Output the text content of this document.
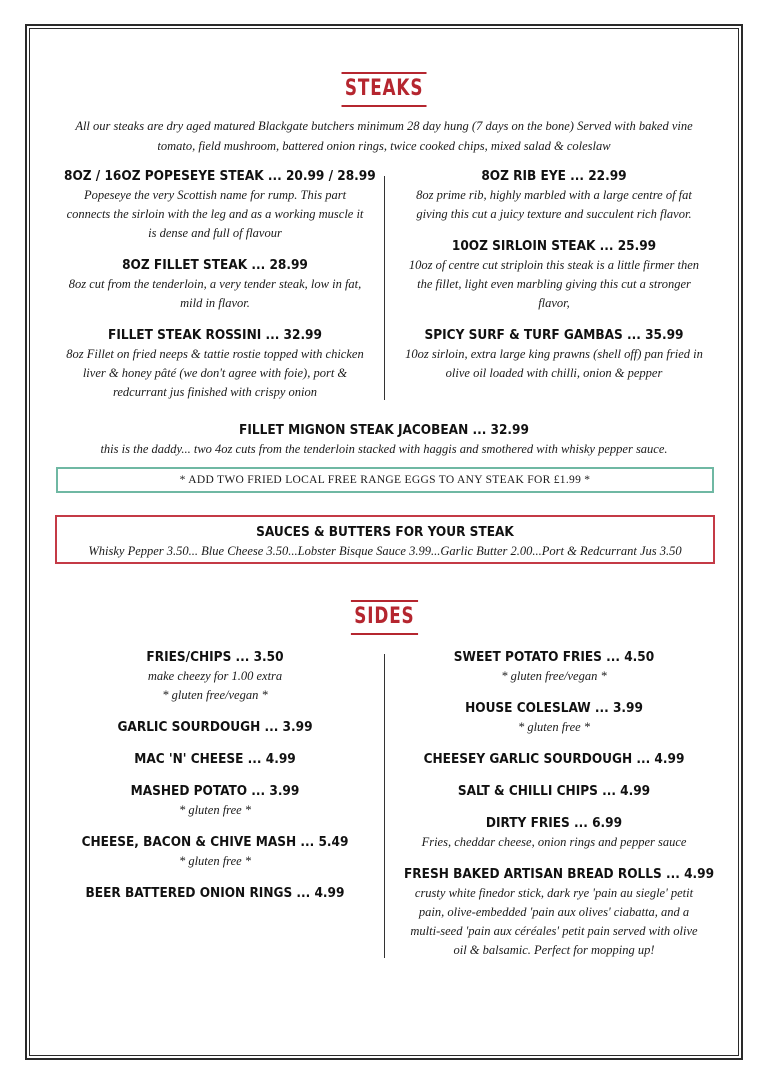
STEAKS
All our steaks are dry aged matured Blackgate butchers minimum 28 day hung (7 days on the bone) Served with baked vine tomato, field mushroom, battered onion rings, twice cooked chips, mixed salad & coleslaw
8OZ / 16OZ POPESEYE STEAK ... 20.99 / 28.99
Popeseye the very Scottish name for rump. This part connects the sirloin with the leg and as a working muscle it is dense and full of flavour
8OZ FILLET STEAK ... 28.99
8oz cut from the tenderloin, a very tender steak, low in fat, mild in flavor.
FILLET STEAK ROSSINI ... 32.99
8oz Fillet on fried neeps & tattie rostie topped with chicken liver & honey pâté (we don't agree with foie), port & redcurrant jus finished with crispy onion
8OZ RIB EYE ... 22.99
8oz prime rib, highly marbled with a large centre of fat giving this cut a juicy texture and succulent rich flavor.
10OZ SIRLOIN STEAK ... 25.99
10oz of centre cut striploin this steak is a little firmer then the fillet, light even marbling giving this cut a stronger flavor,
SPICY SURF & TURF GAMBAS ... 35.99
10oz sirloin, extra large king prawns (shell off) pan fried in olive oil loaded with chilli, onion & pepper
FILLET MIGNON STEAK JACOBEAN ... 32.99
this is the daddy... two 4oz cuts from the tenderloin stacked with haggis and smothered with whisky pepper sauce.
* ADD TWO FRIED LOCAL FREE RANGE EGGS TO ANY STEAK FOR £1.99 *
SAUCES & BUTTERS FOR YOUR STEAK
Whisky Pepper 3.50... Blue Cheese 3.50...Lobster Bisque Sauce 3.99...Garlic Butter 2.00...Port & Redcurrant Jus 3.50
SIDES
FRIES/CHIPS ... 3.50
make cheezy for 1.00 extra
* gluten free/vegan *
GARLIC SOURDOUGH ... 3.99
MAC 'N' CHEESE ... 4.99
MASHED POTATO ... 3.99
* gluten free *
CHEESE, BACON & CHIVE MASH ... 5.49
* gluten free *
BEER BATTERED ONION RINGS ... 4.99
SWEET POTATO FRIES ... 4.50
* gluten free/vegan *
HOUSE COLESLAW ... 3.99
* gluten free *
CHEESEY GARLIC SOURDOUGH ... 4.99
SALT & CHILLI CHIPS ... 4.99
DIRTY FRIES ... 6.99
Fries, cheddar cheese, onion rings and pepper sauce
FRESH BAKED ARTISAN BREAD ROLLS ... 4.99
crusty white finedor stick, dark rye 'pain au siegle' petit pain, olive-embedded 'pain aux olives' ciabatta, and a multi-seed 'pain aux céréales' petit pain served with olive oil & balsamic. Perfect for mopping up!
